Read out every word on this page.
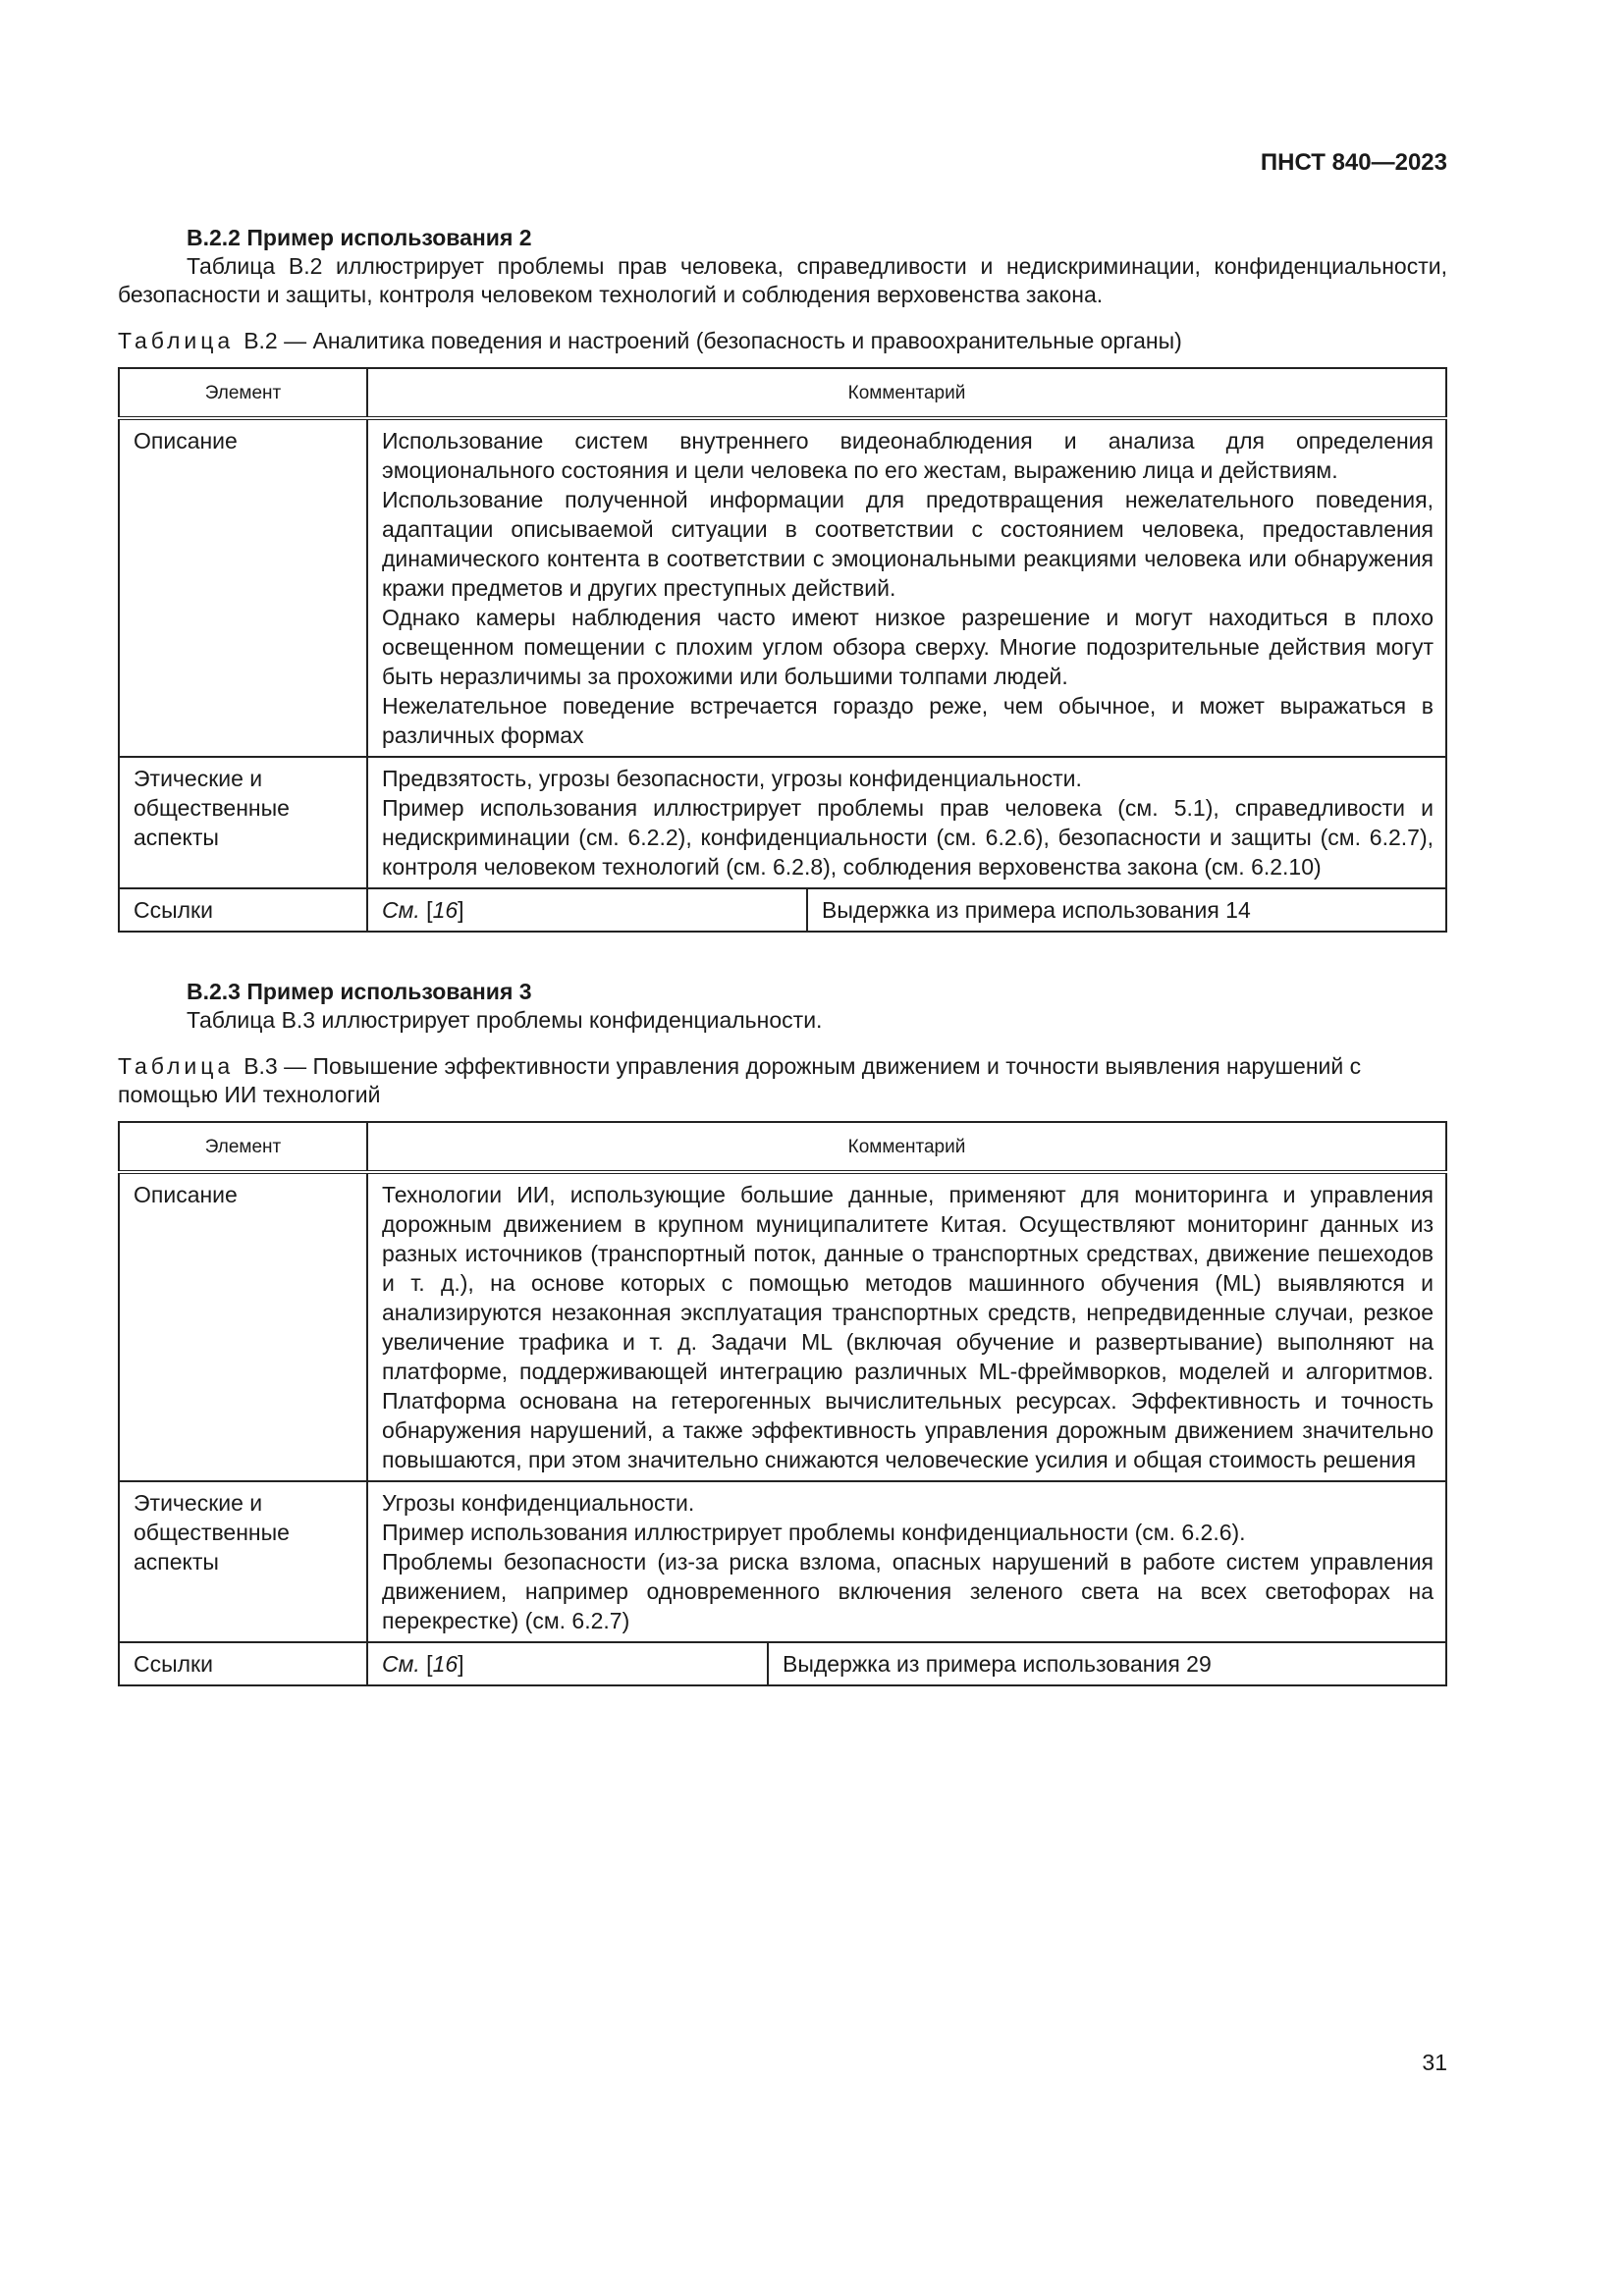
ПНСТ 840—2023
B.2.2 Пример использования 2
Таблица B.2 иллюстрирует проблемы прав человека, справедливости и недискриминации, конфиденциальности, безопасности и защиты, контроля человеком технологий и соблюдения верховенства закона.
Таблица B.2 — Аналитика поведения и настроений (безопасность и правоохранительные органы)
Элемент	Комментарий	
Описание	Использование систем внутреннего видеонаблюдения и анализа для определения эмоционального состояния и цели человека по его жестам, выражению лица и действиям.
Использование полученной информации для предотвращения нежелательного поведения, адаптации описываемой ситуации в соответствии с состоянием человека, предоставления динамического контента в соответствии с эмоциональными реакциями человека или обнаружения кражи предметов и других преступных действий.
Однако камеры наблюдения часто имеют низкое разрешение и могут находиться в плохо освещенном помещении с плохим углом обзора сверху. Многие подозрительные действия могут быть неразличимы за прохожими или большими толпами людей.
Нежелательное поведение встречается гораздо реже, чем обычное, и может выражаться в различных формах	

Этические и общественные аспекты	Предвзятость, угрозы безопасности, угрозы конфиденциальности.
Пример использования иллюстрирует проблемы прав человека (см. 5.1), справедливости и недискриминации (см. 6.2.2), конфиденциальности (см. 6.2.6), безопасности и защиты (см. 6.2.7), контроля человеком технологий (см. 6.2.8), соблюдения верховенства закона (см. 6.2.10)	

Ссылки	См. [16]	Выдержка из примера использования 14
B.2.3 Пример использования 3
Таблица B.3 иллюстрирует проблемы конфиденциальности.
Таблица B.3 — Повышение эффективности управления дорожным движением и точности выявления нарушений с помощью ИИ технологий
Элемент	Комментарий	
Описание	Технологии ИИ, использующие большие данные, применяют для мониторинга и управления дорожным движением в крупном муниципалитете Китая. Осуществляют мониторинг данных из разных источников (транспортный поток, данные о транспортных средствах, движение пешеходов и т. д.), на основе которых с помощью методов машинного обучения (ML) выявляются и анализируются незаконная эксплуатация транспортных средств, непредвиденные случаи, резкое увеличение трафика и т. д. Задачи ML (включая обучение и развертывание) выполняют на платформе, поддерживающей интеграцию различных ML-фреймворков, моделей и алгоритмов. Платформа основана на гетерогенных вычислительных ресурсах. Эффективность и точность обнаружения нарушений, а также эффективность управления дорожным движением значительно повышаются, при этом значительно снижаются человеческие усилия и общая стоимость решения	

Этические и общественные аспекты	Угрозы конфиденциальности.
Пример использования иллюстрирует проблемы конфиденциальности (см. 6.2.6).
Проблемы безопасности (из-за риска взлома, опасных нарушений в работе систем управления движением, например одновременного включения зеленого света на всех светофорах на перекрестке) (см. 6.2.7)	

Ссылки	См. [16]	Выдержка из примера использования 29
31
